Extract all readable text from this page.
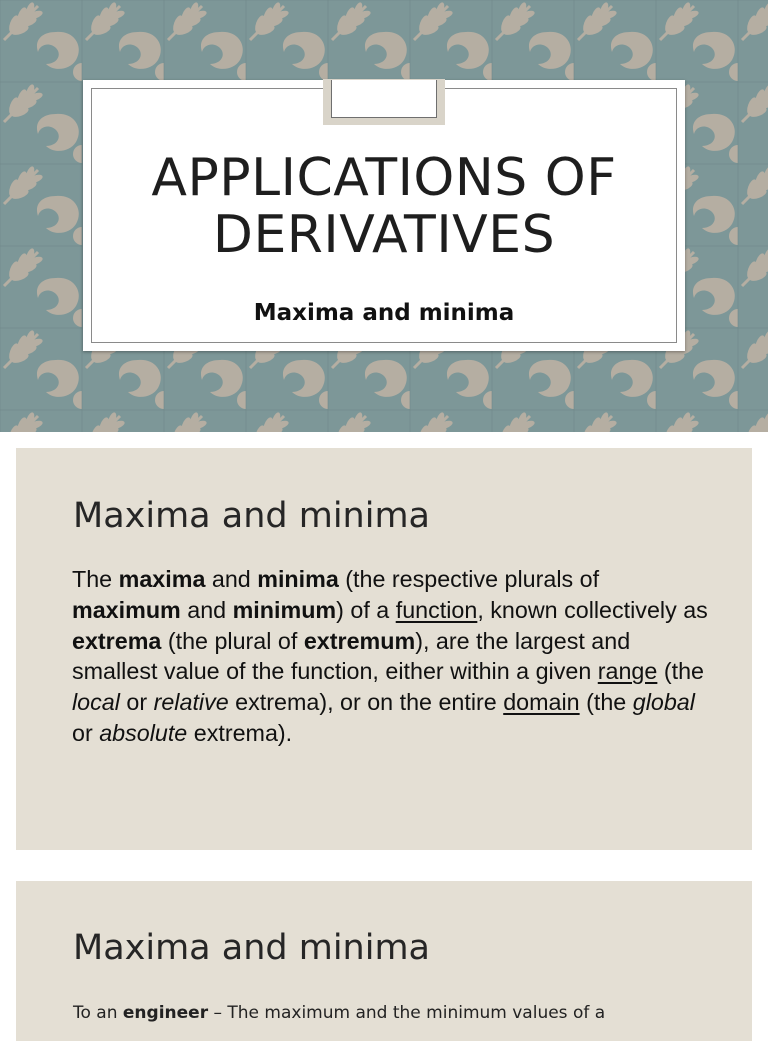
APPLICATIONS OF
DERIVATIVES
Maxima and minima
Maxima and minima

The maxima and minima (the respective plurals of maximum and minimum) of a function, known collectively as extrema (the plural of extremum), are the largest and smallest value of the function, either within a given range (the local or relative extrema), or on the entire domain (the global or absolute extrema).

Maxima and minima

To an engineer – The maximum and the minimum values of a
